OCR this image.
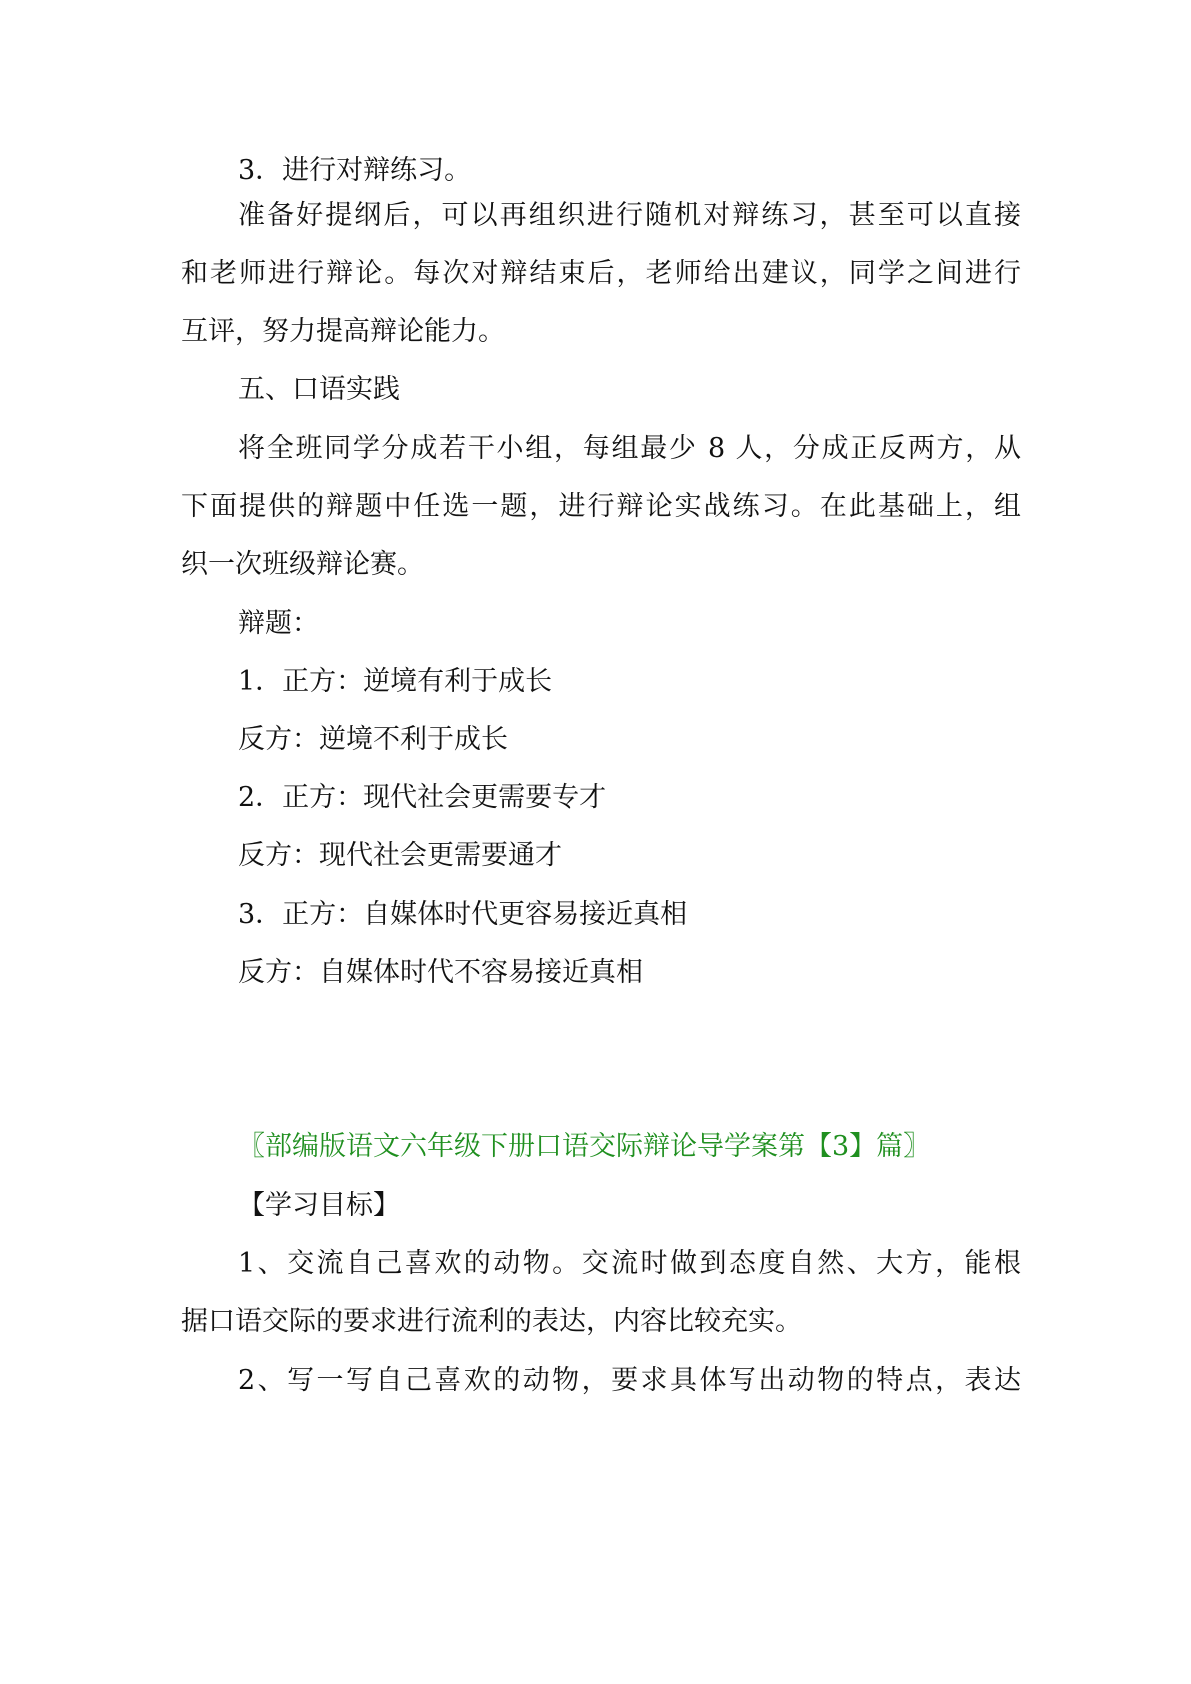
3．进行对辩练习。
准备好提纲后，可以再组织进行随机对辩练习，甚至可以直接
和老师进行辩论。每次对辩结束后，老师给出建议，同学之间进行
互评，努力提高辩论能力。
五、口语实践
将全班同学分成若干小组，每组最少 8 人，分成正反两方，从
下面提供的辩题中任选一题，进行辩论实战练习。在此基础上，组
织一次班级辩论赛。
辩题：
1．正方：逆境有利于成长
反方：逆境不利于成长
2．正方：现代社会更需要专才
反方：现代社会更需要通才
3．正方：自媒体时代更容易接近真相
反方：自媒体时代不容易接近真相
〖部编版语文六年级下册口语交际辩论导学案第【3】篇〗
【学习目标】
1、交流自己喜欢的动物。交流时做到态度自然、大方，能根
据口语交际的要求进行流利的表达，内容比较充实。
2、写一写自己喜欢的动物，要求具体写出动物的特点，表达
